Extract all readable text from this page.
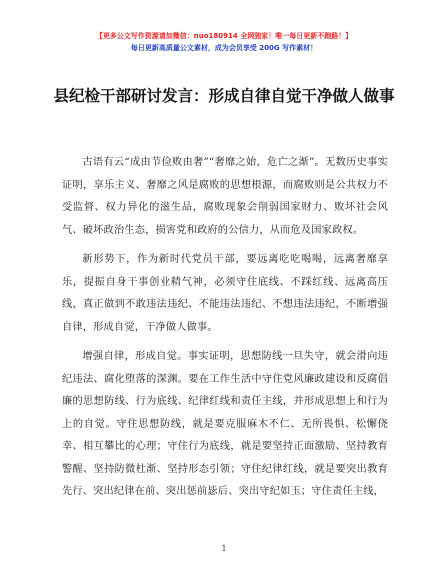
【更多公文写作资源请加微信：nuo180914 全网独家！唯一每日更新不跑路！】
每日更新高质量公文素材，成为会员享受 200G 写作素材！
县纪检干部研讨发言：形成自律自觉干净做人做事

古语有云“成由节俭败由奢”“奢靡之始，危亡之渐”。无数历史事实证明，享乐主义、奢靡之风是腐败的思想根源，而腐败则是公共权力不受监督、权力异化的滋生品，腐败现象会削弱国家财力、败坏社会风气、破坏政治生态，损害党和政府的公信力，从而危及国家政权。

新形势下，作为新时代党员干部，要远离吃吃喝喝，远离奢靡享乐，提振自身干事创业精气神，必须守住底线、不踩红线、远离高压线，真正做到不敢违法违纪、不能违法违纪、不想违法违纪，不断增强自律，形成自觉，干净做人做事。

增强自律，形成自觉。事实证明，思想防线一旦失守，就会滑向违纪违法、腐化堕落的深渊。要在工作生活中守住党风廉政建设和反腐倡廉的思想防线、行为底线、纪律红线和责任主线，并形成思想上和行为上的自觉。守住思想防线，就是要克服麻木不仁、无所畏惧、松懈侥幸、相互攀比的心理；守住行为底线，就是要坚持正面激励、坚持教育警醒、坚持防微杜渐、坚持形态引领；守住纪律红线，就是要突出教育先行、突出纪律在前、突出惩前毖后、突出守纪如玉；守住责任主线，

1
